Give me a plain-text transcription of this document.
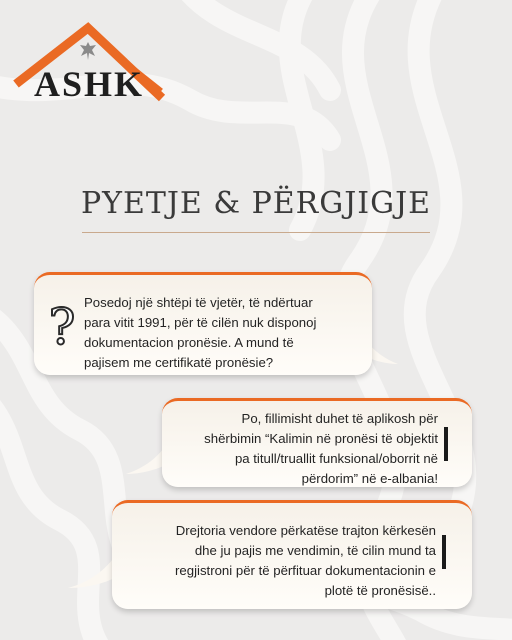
ASHK
PYETJE & PËRGJIGJE
? Posedoj një shtëpi të vjetër, të ndërtuar
para vitit 1991, për të cilën nuk disponoj
dokumentacion pronësie. A mund të
pajisem me certifikatë pronësie?
Po, fillimisht duhet të aplikosh për
shërbimin “Kalimin në pronësi të objektit
pa titull/truallit funksional/oborrit në
përdorim” në e-albania!
Drejtoria vendore përkatëse trajton kërkesën
dhe ju pajis me vendimin, të cilin mund ta
regjistroni për të përfituar dokumentacionin e
plotë të pronësisë..
